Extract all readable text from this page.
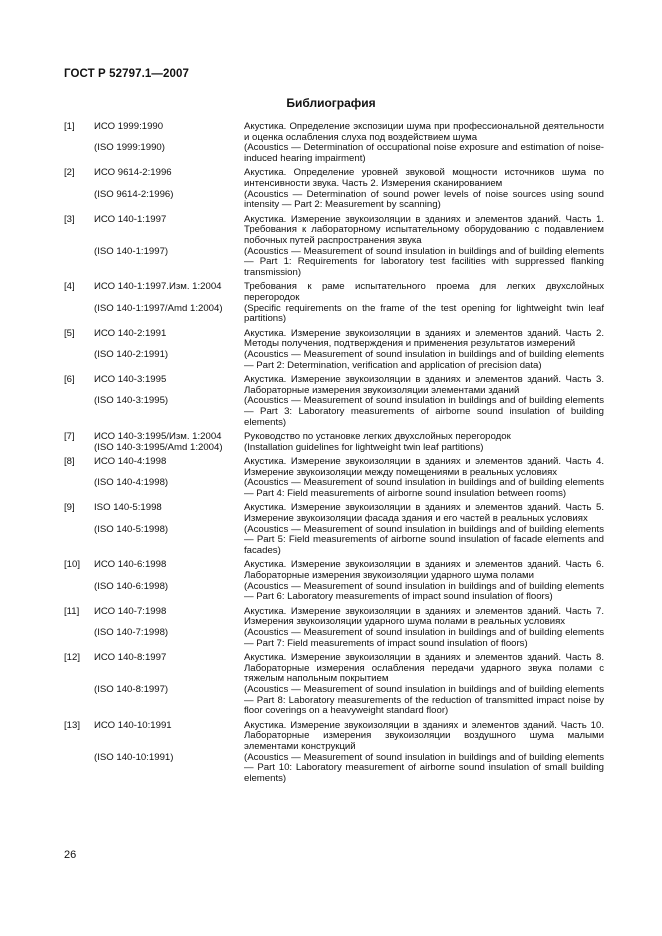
ГОСТ Р 52797.1—2007
Библиография
[1]	ИСО 1999:1990	Акустика. Определение экспозиции шума при профессиональной деятельности и оценка ослабления слуха под воздействием шума
(ISO 1999:1990)	(Acoustics — Determination of occupational noise exposure and estimation of noise-induced hearing impairment)
[2]	ИСО 9614-2:1996	Акустика. Определение уровней звуковой мощности источников шума по интенсивности звука. Часть 2. Измерения сканированием
(ISO 9614-2:1996)	(Acoustics — Determination of sound power levels of noise sources using sound intensity — Part 2: Measurement by scanning)
[3]	ИСО 140-1:1997	Акустика. Измерение звукоизоляции в зданиях и элементов зданий. Часть 1. Требования к лабораторному испытательному оборудованию с подавлением побочных путей распространения звука
(ISO 140-1:1997)	(Acoustics — Measurement of sound insulation in buildings and of building elements — Part 1: Requirements for laboratory test facilities with suppressed flanking transmission)
[4]	ИСО 140-1:1997.Изм. 1:2004	Требования к раме испытательного проема для легких двухслойных перегородок
(ISO 140-1:1997/Amd 1:2004)	(Specific requirements on the frame of the test opening for lightweight twin leaf partitions)
[5]	ИСО 140-2:1991	Акустика. Измерение звукоизоляции в зданиях и элементов зданий. Часть 2. Методы получения, подтверждения и применения результатов измерений
(ISO 140-2:1991)	(Acoustics — Measurement of sound insulation in buildings and of building elements — Part 2: Determination, verification and application of precision data)
[6]	ИСО 140-3:1995	Акустика. Измерение звукоизоляции в зданиях и элементов зданий. Часть 3. Лабораторные измерения звукоизоляции элементами зданий
(ISO 140-3:1995)	(Acoustics — Measurement of sound insulation in buildings and of building elements — Part 3: Laboratory measurements of airborne sound insulation of building elements)
[7]	ИСО 140-3:1995/Изм. 1:2004	Руководство по установке легких двухслойных перегородок
(ISO 140-3:1995/Amd 1:2004)	(Installation guidelines for lightweight twin leaf partitions)
[8]	ИСО 140-4:1998	Акустика. Измерение звукоизоляции в зданиях и элементов зданий. Часть 4. Измерение звукоизоляции между помещениями в реальных условиях
(ISO 140-4:1998)	(Acoustics — Measurement of sound insulation in buildings and of building elements — Part 4: Field measurements of airborne sound insulation between rooms)
[9]	ISO 140-5:1998	Акустика. Измерение звукоизоляции в зданиях и элементов зданий. Часть 5. Измерение звукоизоляции фасада здания и его частей в реальных условиях
(ISO 140-5:1998)	(Acoustics — Measurement of sound insulation in buildings and of building elements — Part 5: Field measurements of airborne sound insulation of facade elements and facades)
[10]	ИСО 140-6:1998	Акустика. Измерение звукоизоляции в зданиях и элементов зданий. Часть 6. Лабораторные измерения звукоизоляции ударного шума полами
(ISO 140-6:1998)	(Acoustics — Measurement of sound insulation in buildings and of building elements — Part 6: Laboratory measurements of impact sound insulation of floors)
[11]	ИСО 140-7:1998	Акустика. Измерение звукоизоляции в зданиях и элементов зданий. Часть 7. Измерения звукоизоляции ударного шума полами в реальных условиях
(ISO 140-7:1998)	(Acoustics — Measurement of sound insulation in buildings and of building elements — Part 7: Field measurements of impact sound insulation of floors)
[12]	ИСО 140-8:1997	Акустика. Измерение звукоизоляции в зданиях и элементов зданий. Часть 8. Лабораторные измерения ослабления передачи ударного звука полами с тяжелым напольным покрытием
(ISO 140-8:1997)	(Acoustics — Measurement of sound insulation in buildings and of building elements — Part 8: Laboratory measurements of the reduction of transmitted impact noise by floor coverings on a heavyweight standard floor)
[13]	ИСО 140-10:1991	Акустика. Измерение звукоизоляции в зданиях и элементов зданий. Часть 10. Лабораторные измерения звукоизоляции воздушного шума малыми элементами конструкций
(ISO 140-10:1991)	(Acoustics — Measurement of sound insulation in buildings and of building elements — Part 10: Laboratory measurement of airborne sound insulation of small building elements)
26
